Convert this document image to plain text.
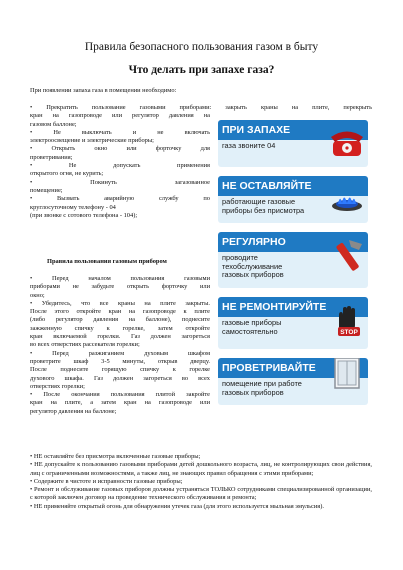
Правила безопасного пользования газом в быту
Что делать при запахе газа?
При появлении запаха газа в помещении необходимо:

• Прекратить пользование газовыми приборами: закрыть краны на плите, перекрыть

кран на газопроводе или регулятор давления на

газовом баллоне;

• Не выключать и не включать

электроосвещение и электрические приборы;

• Открыть окно или форточку для

проветривания;

• Не допускать применения

открытого огня, не курить;

• Покинуть загазованное

помещение;

• Вызвать аварийную службу по

круглосуточному телефону - 04

(при звонке с сотового телефона - 104);

Правила пользования газовым прибором

• Перед началом пользования газовыми

приборами не забудьте открыть форточку или

окно;

• Убедитесь, что все краны на плите закрыты.

После этого откройте кран на газопроводе к плите

(либо регулятор давления на баллоне), поднесите

зажженную спичку к горелке, затем откройте

кран включаемой горелки. Газ должен загореться

во всех отверстиях рассекателя горелки;

• Перед разжиганием духовым шкафом

проветрите шкаф 3-5 минуты, открыв дверцу.

После поднесите горящую спичку к горелке

духового шкафа. Газ должен загореться во всех

отверстиях горелки;

• После окончания пользования плитой закройте

кран на плите, а затем кран на газопроводе или

регулятор давления на баллоне;

• НЕ оставляйте без присмотра включенные газовые приборы;

• НЕ допускайте к пользованию газовыми приборами детей дошкольного возраста, лиц, не контролирующих свои действия, лиц с ограниченными возможностями, а также лиц, не знающих правил обращения с этими приборами;

• Содержите в чистоте и исправности газовые приборы;

• Ремонт и обслуживание газовых приборов должны устраняться ТОЛЬКО сотрудниками специализированной организации, с которой заключен договор на проведение технического обслуживания и ремонта;

• НЕ применяйте открытый огонь для обнаружения утечек газа (для этого используется мыльная эмульсия).

ПРИ ЗАПАХЕ
газа звоните 04
НЕ ОСТАВЛЯЙТЕ
работающие газовые
приборы без присмотра
РЕГУЛЯРНО
проводите
техобслуживание
газовых приборов
НЕ РЕМОНТИРУЙТЕ
газовые приборы
самостоятельно	STOP
ПРОВЕТРИВАЙТЕ
помещение при работе
газовых приборов
